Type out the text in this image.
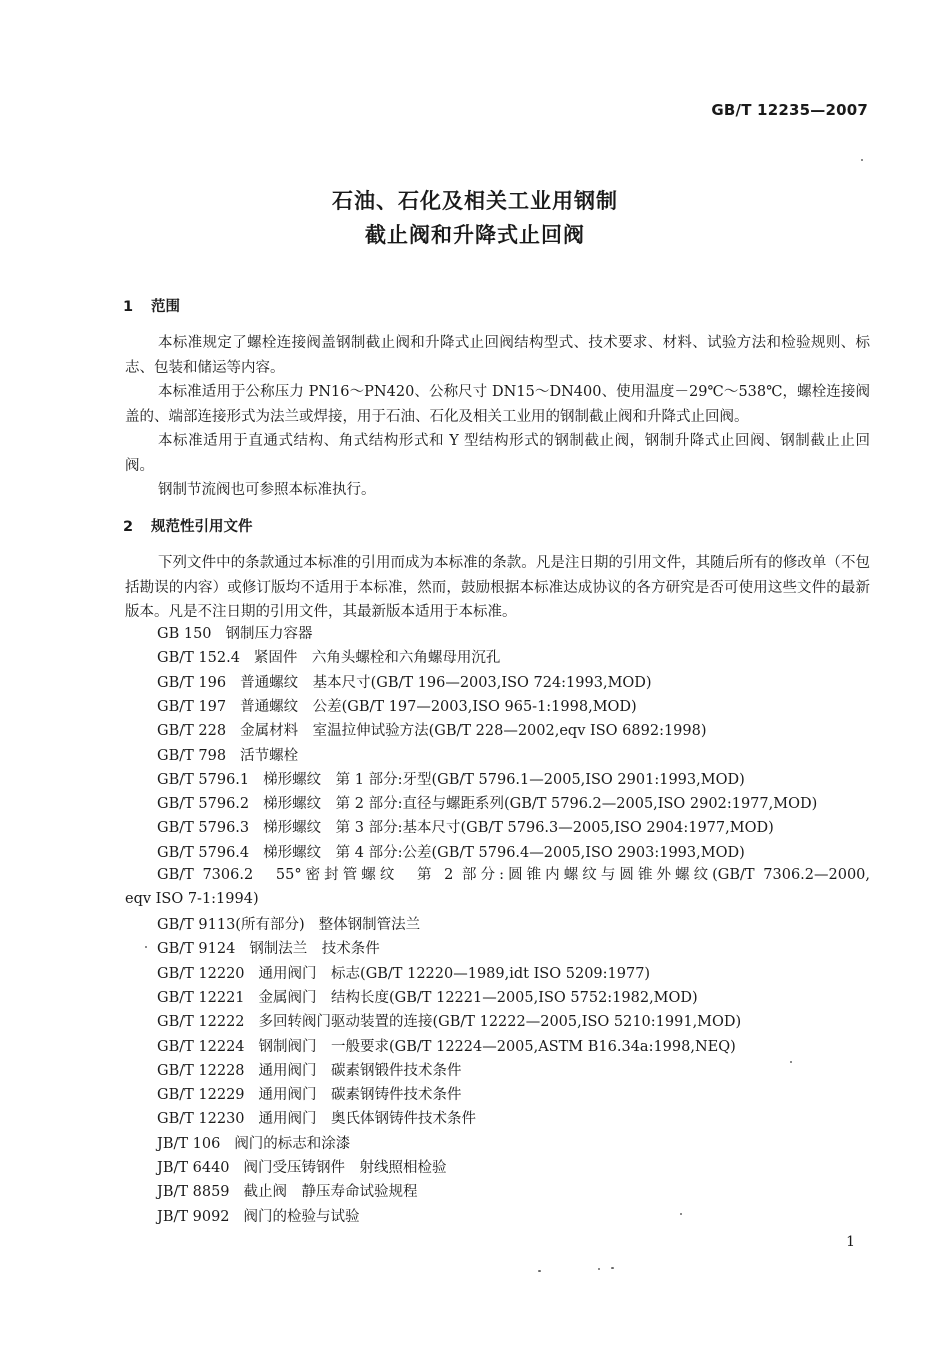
GB/T 12235—2007
石油、石化及相关工业用钢制
截止阀和升降式止回阀
1 范围

本标准规定了螺栓连接阀盖钢制截止阀和升降式止回阀结构型式、技术要求、材料、试验方法和检验规则、标志、包装和储运等内容。

本标准适用于公称压力 PN16～PN420、公称尺寸 DN15～DN400、使用温度－29℃～538℃，螺栓连接阀盖的、端部连接形式为法兰或焊接，用于石油、石化及相关工业用的钢制截止阀和升降式止回阀。

本标准适用于直通式结构、角式结构形式和 Y 型结构形式的钢制截止阀，钢制升降式止回阀、钢制截止止回阀。

钢制节流阀也可参照本标准执行。

2 规范性引用文件

下列文件中的条款通过本标准的引用而成为本标准的条款。凡是注日期的引用文件，其随后所有的修改单（不包括勘误的内容）或修订版均不适用于本标准，然而，鼓励根据本标准达成协议的各方研究是否可使用这些文件的最新版本。凡是不注日期的引用文件，其最新版本适用于本标准。

GB 150 钢制压力容器
GB/T 152.4 紧固件　六角头螺栓和六角螺母用沉孔
GB/T 196 普通螺纹　基本尺寸(GB/T 196—2003,ISO 724:1993,MOD)
GB/T 197 普通螺纹　公差(GB/T 197—2003,ISO 965-1:1998,MOD)
GB/T 228 金属材料　室温拉伸试验方法(GB/T 228—2002,eqv ISO 6892:1998)
GB/T 798 活节螺栓
GB/T 5796.1 梯形螺纹　第 1 部分:牙型(GB/T 5796.1—2005,ISO 2901:1993,MOD)
GB/T 5796.2 梯形螺纹　第 2 部分:直径与螺距系列(GB/T 5796.2—2005,ISO 2902:1977,MOD)
GB/T 5796.3 梯形螺纹　第 3 部分:基本尺寸(GB/T 5796.3—2005,ISO 2904:1977,MOD)
GB/T 5796.4 梯形螺纹　第 4 部分:公差(GB/T 5796.4—2005,ISO 2903:1993,MOD)
GB/T 7306.2 55°密封管螺纹　第 2 部分:圆锥内螺纹与圆锥外螺纹(GB/T 7306.2—2000,
eqv ISO 7-1:1994)
GB/T 9113(所有部分) 整体钢制管法兰
GB/T 9124 钢制法兰　技术条件
GB/T 12220 通用阀门　标志(GB/T 12220—1989,idt ISO 5209:1977)
GB/T 12221 金属阀门　结构长度(GB/T 12221—2005,ISO 5752:1982,MOD)
GB/T 12222 多回转阀门驱动装置的连接(GB/T 12222—2005,ISO 5210:1991,MOD)
GB/T 12224 钢制阀门　一般要求(GB/T 12224—2005,ASTM B16.34a:1998,NEQ)
GB/T 12228 通用阀门　碳素钢锻件技术条件
GB/T 12229 通用阀门　碳素钢铸件技术条件
GB/T 12230 通用阀门　奥氏体钢铸件技术条件
JB/T 106 阀门的标志和涂漆
JB/T 6440 阀门受压铸钢件　射线照相检验
JB/T 8859 截止阀　静压寿命试验规程
JB/T 9092 阀门的检验与试验
1
